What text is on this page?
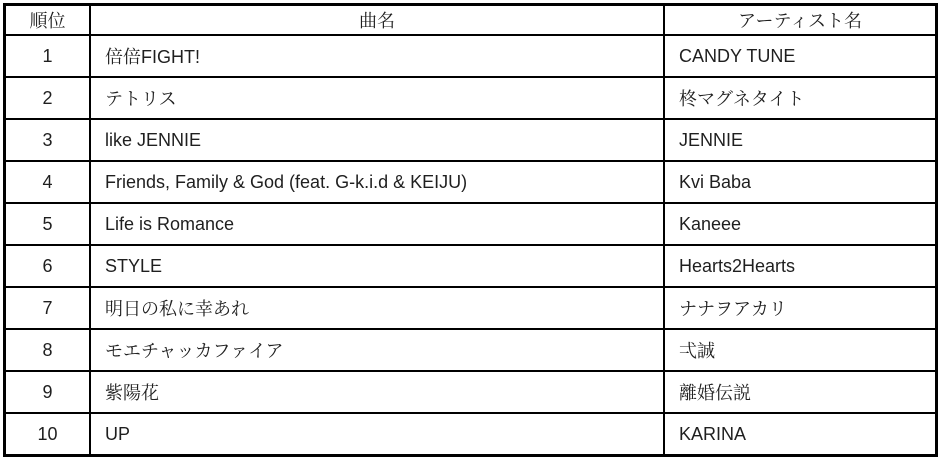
順位	曲名	アーティスト名
1	倍倍FIGHT!	CANDY TUNE
2	テトリス	柊マグネタイト
3	like JENNIE	JENNIE
4	Friends, Family & God (feat. G-k.i.d & KEIJU)	Kvi Baba
5	Life is Romance	Kaneee
6	STYLE	Hearts2Hearts
7	明日の私に幸あれ	ナナヲアカリ
8	モエチャッカファイア	弌誠
9	紫陽花	離婚伝説
10	UP	KARINA
